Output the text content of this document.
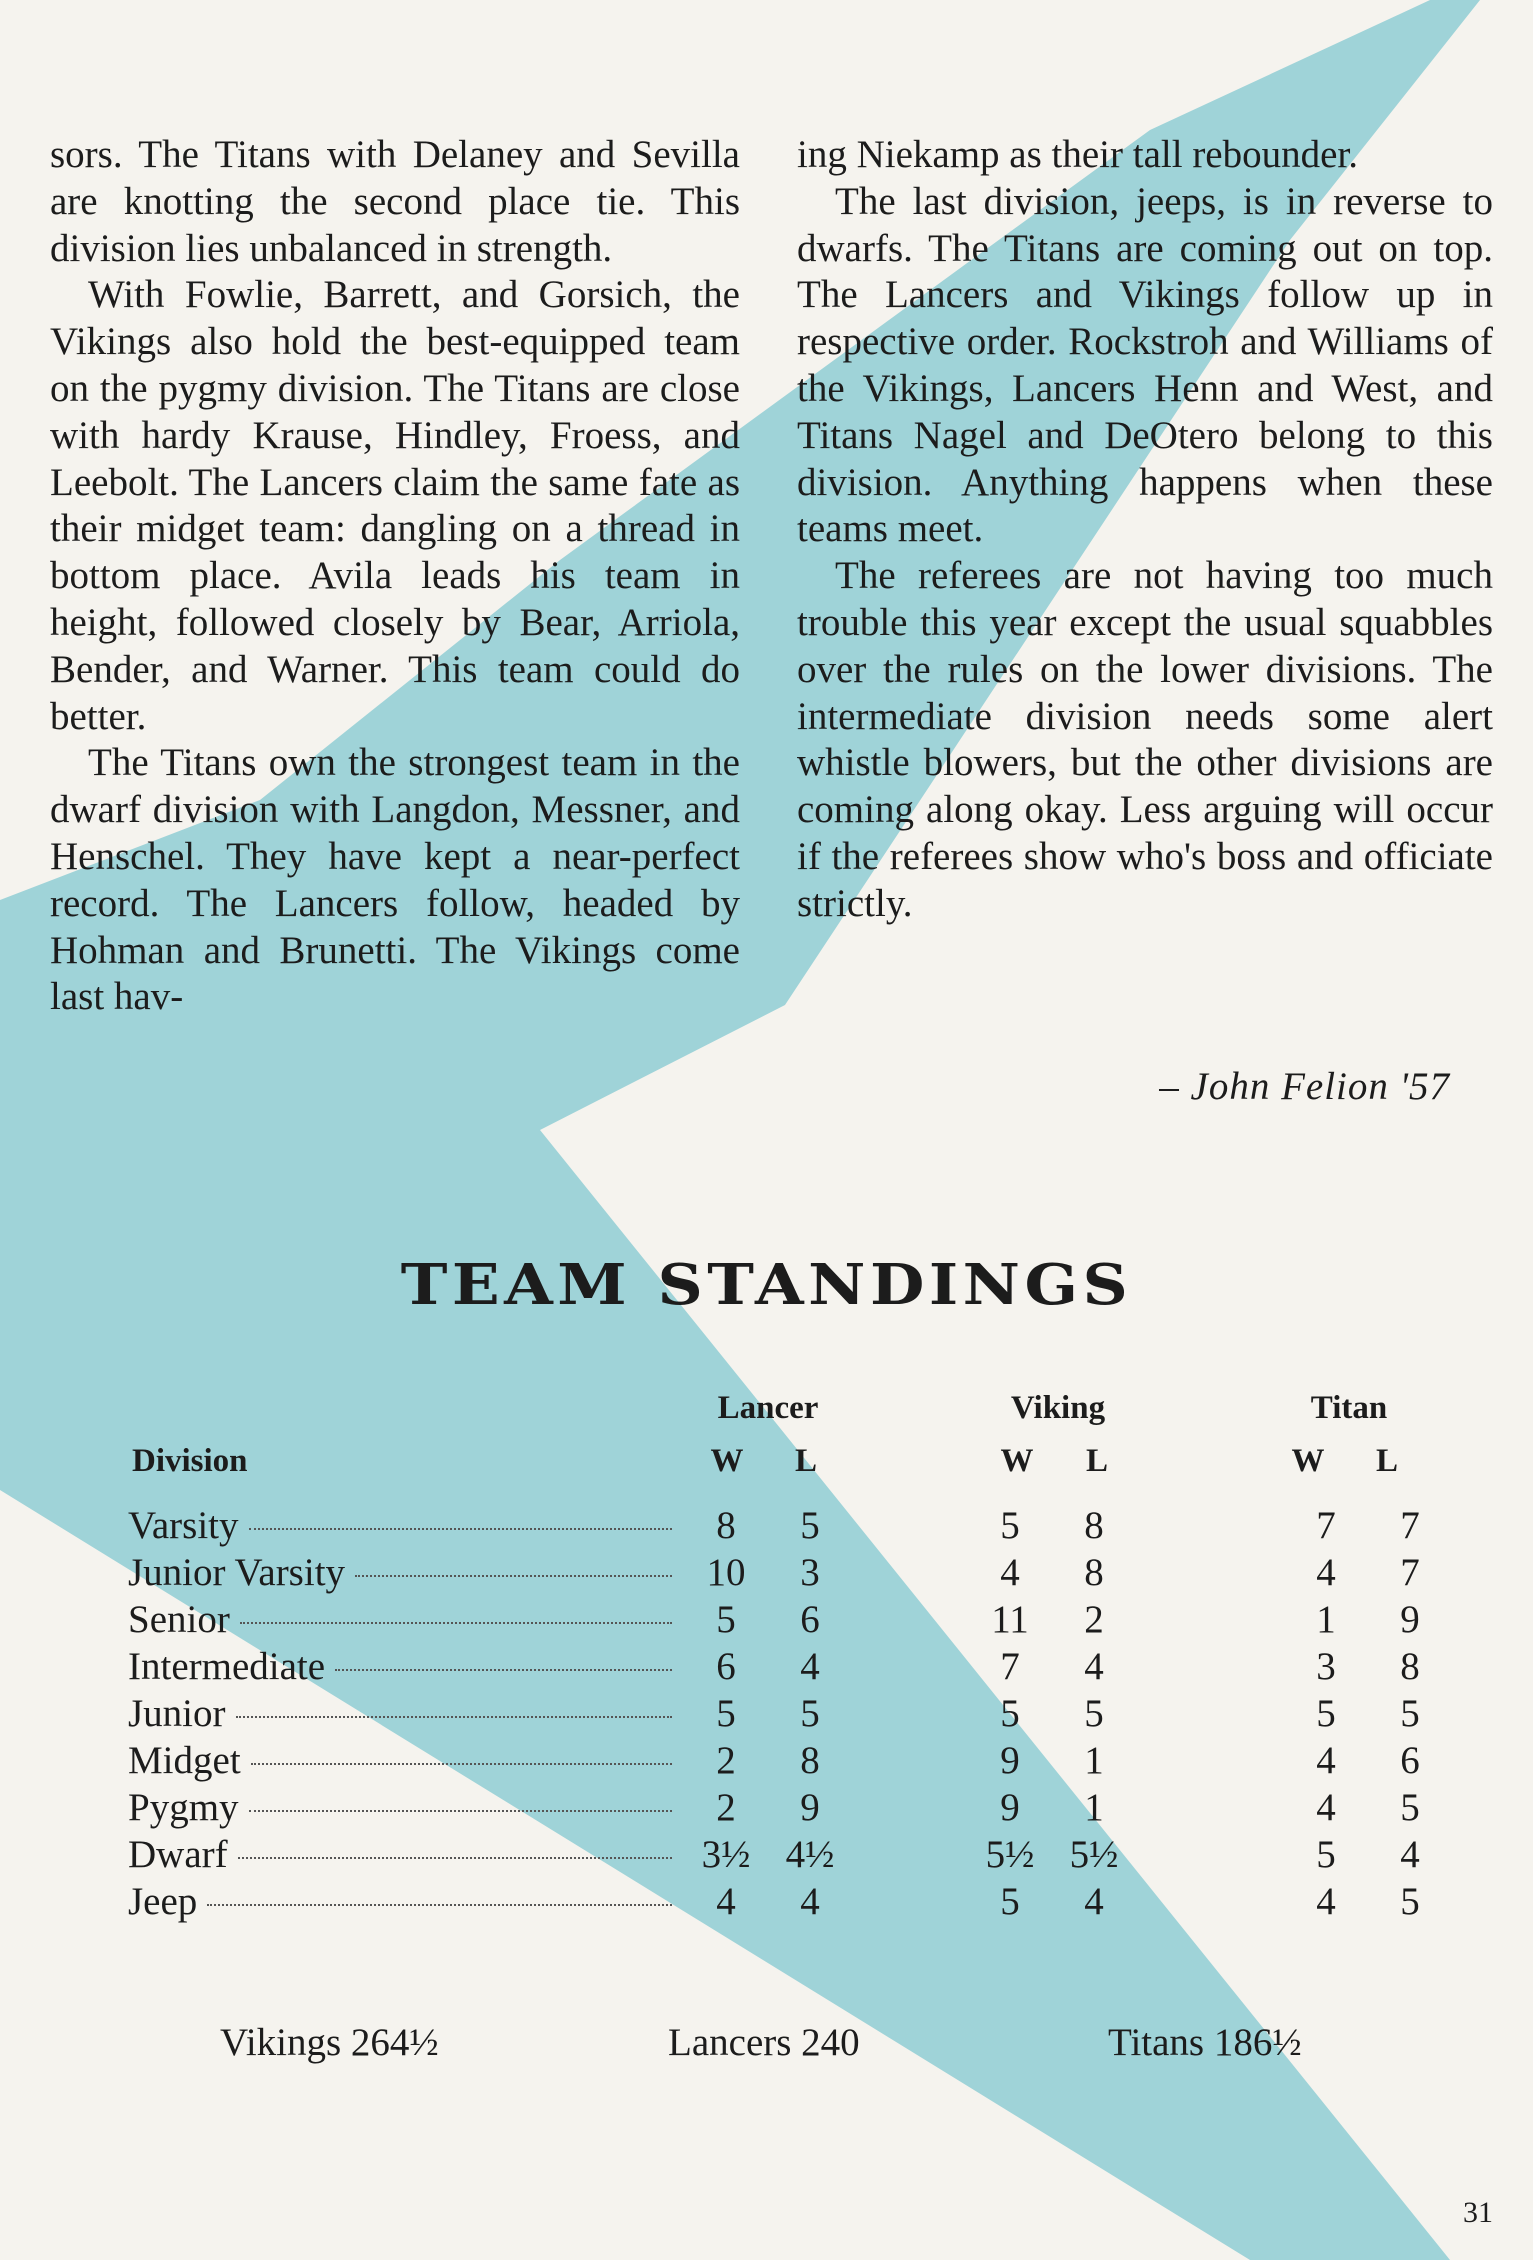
sors. The Titans with Delaney and Sevilla are knotting the second place tie. This division lies unbalanced in strength.

With Fowlie, Barrett, and Gorsich, the Vikings also hold the best-equipped team on the pygmy division. The Titans are close with hardy Krause, Hindley, Froess, and Leebolt. The Lancers claim the same fate as their midget team: dangling on a thread in bottom place. Avila leads his team in height, followed closely by Bear, Arriola, Bender, and Warner. This team could do better.

The Titans own the strongest team in the dwarf division with Langdon, Messner, and Henschel. They have kept a near-perfect record. The Lancers follow, headed by Hohman and Brunetti. The Vikings come last hav-

ing Niekamp as their tall rebounder.

The last division, jeeps, is in reverse to dwarfs. The Titans are coming out on top. The Lancers and Vikings follow up in respective order. Rockstroh and Williams of the Vikings, Lancers Henn and West, and Titans Nagel and DeOtero belong to this division. Anything happens when these teams meet.

The referees are not having too much trouble this year except the usual squabbles over the rules on the lower divisions. The intermediate division needs some alert whistle blowers, but the other divisions are coming along okay. Less arguing will occur if the referees show who's boss and officiate strictly.

– John Felion '57
TEAM STANDINGS
Lancer	Viking	Titan
Division	W	L	W	L	W	L
Varsity	8	5		5	8		7	7

Junior Varsity	10	3		4	8		4	7

Senior	5	6		11	2		1	9

Intermediate	6	4		7	4		3	8

Junior	5	5		5	5		5	5

Midget	2	8		9	1		4	6

Pygmy	2	9		9	1		4	5

Dwarf	3½	4½		5½	5½		5	4

Jeep	4	4		5	4		4	5
Vikings 264½	Lancers 240	Titans 186½
31
